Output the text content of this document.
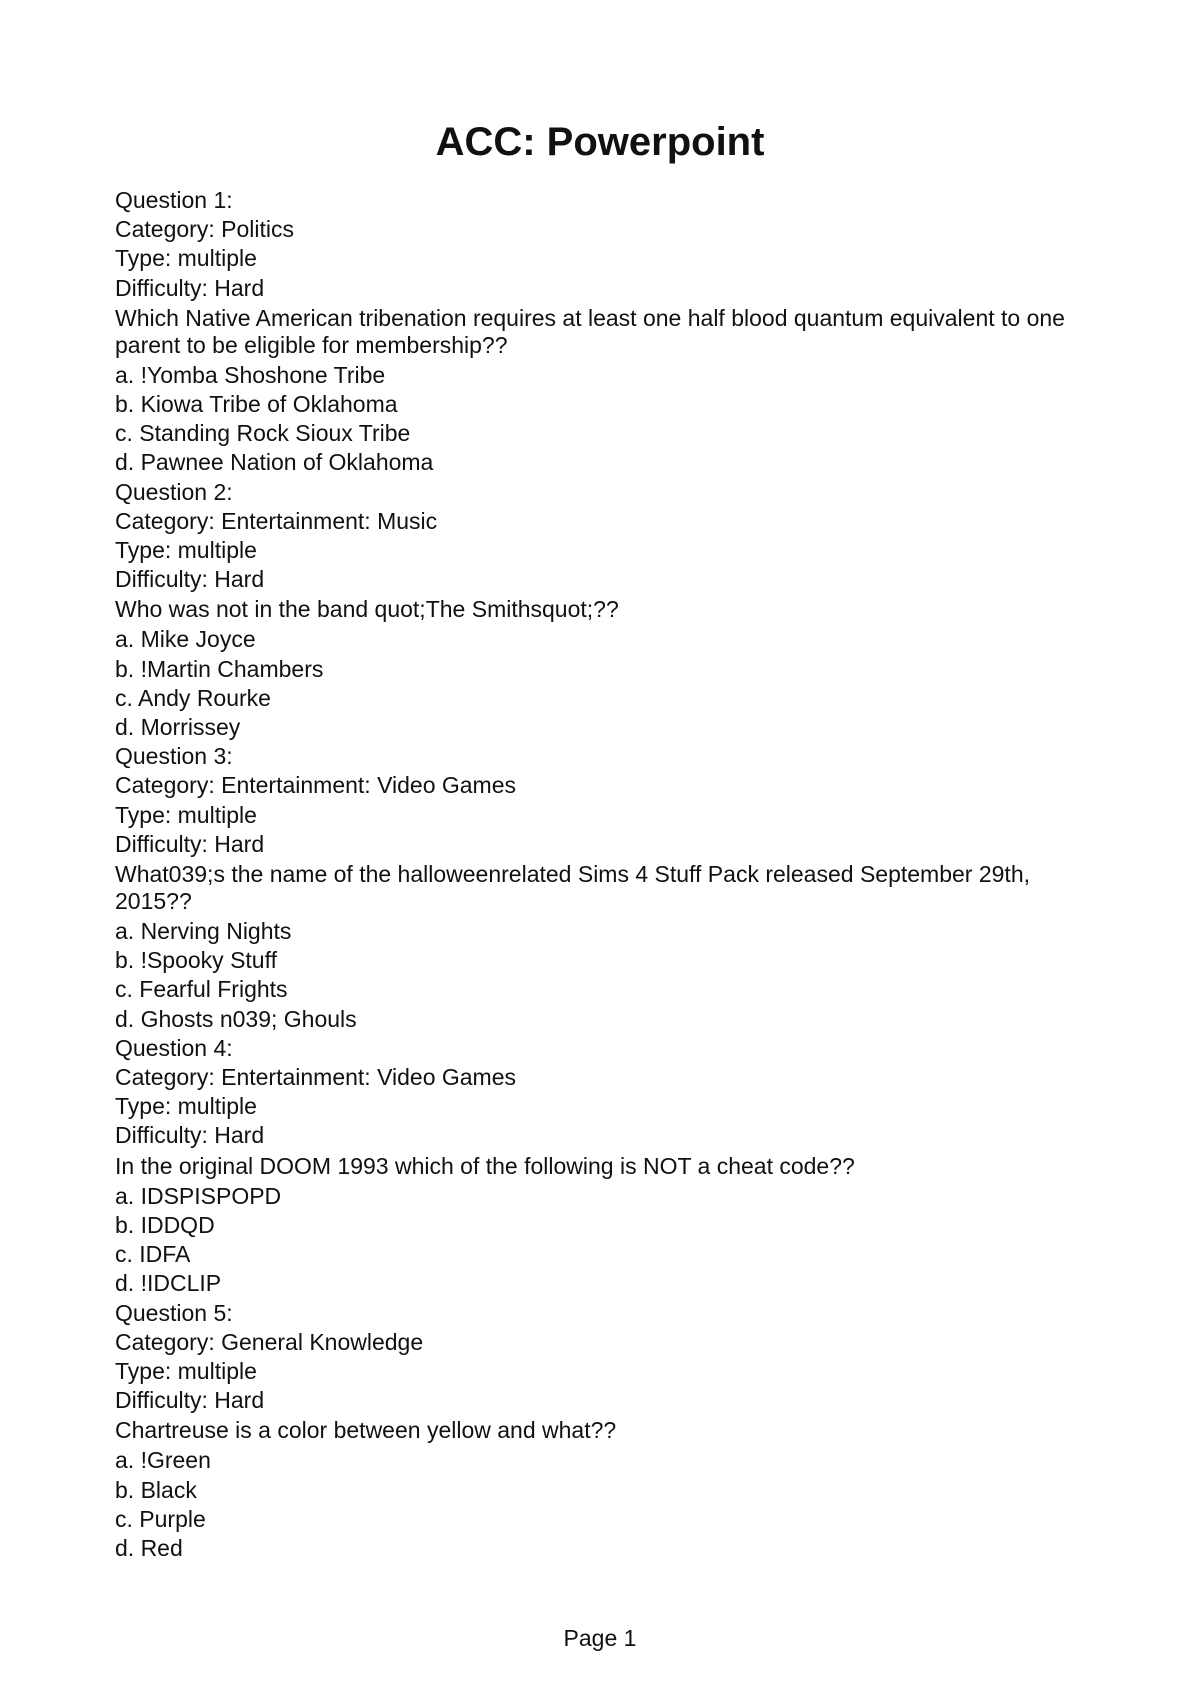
ACC: Powerpoint
Question 1:
Category: Politics
Type: multiple
Difficulty: Hard
Which Native American tribenation requires at least one half blood quantum equivalent to one parent to be eligible for membership??
a. !Yomba Shoshone Tribe
b. Kiowa Tribe of Oklahoma
c. Standing Rock Sioux Tribe
d. Pawnee Nation of Oklahoma
Question 2:
Category: Entertainment: Music
Type: multiple
Difficulty: Hard
Who was not in the band quot;The Smithsquot;??
a. Mike Joyce
b. !Martin Chambers
c. Andy Rourke
d. Morrissey
Question 3:
Category: Entertainment: Video Games
Type: multiple
Difficulty: Hard
What039;s the name of the halloweenrelated Sims 4 Stuff Pack released September 29th, 2015??
a. Nerving Nights
b. !Spooky Stuff
c. Fearful Frights
d. Ghosts n039; Ghouls
Question 4:
Category: Entertainment: Video Games
Type: multiple
Difficulty: Hard
In the original DOOM 1993 which of the following is NOT a cheat code??
a. IDSPISPOPD
b. IDDQD
c. IDFA
d. !IDCLIP
Question 5:
Category: General Knowledge
Type: multiple
Difficulty: Hard
Chartreuse is a color between yellow and what??
a. !Green
b. Black
c. Purple
d. Red
Page 1
